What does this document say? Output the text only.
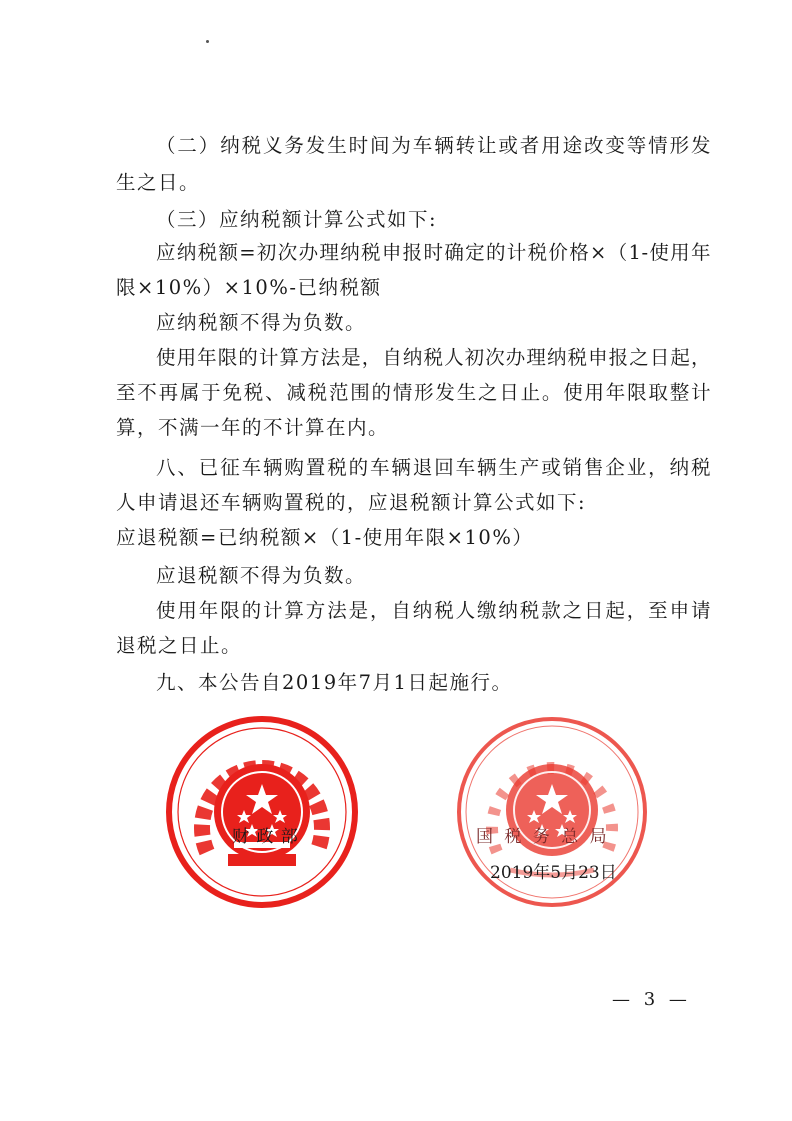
（二）纳税义务发生时间为车辆转让或者用途改变等情形发
生之日。
（三）应纳税额计算公式如下:
应纳税额=初次办理纳税申报时确定的计税价格×（1-使用年
限×10%）×10%-已纳税额
应纳税额不得为负数。
使用年限的计算方法是，自纳税人初次办理纳税申报之日起，
至不再属于免税、减税范围的情形发生之日止。使用年限取整计
算，不满一年的不计算在内。
八、已征车辆购置税的车辆退回车辆生产或销售企业，纳税
人申请退还车辆购置税的，应退税额计算公式如下:
应退税额=已纳税额×（1-使用年限×10%）
应退税额不得为负数。
使用年限的计算方法是，自纳税人缴纳税款之日起，至申请
退税之日止。
九、本公告自2019年7月1日起施行。
财 政 部	国 税 务 总 局
2019年5月23日
— 3 —
